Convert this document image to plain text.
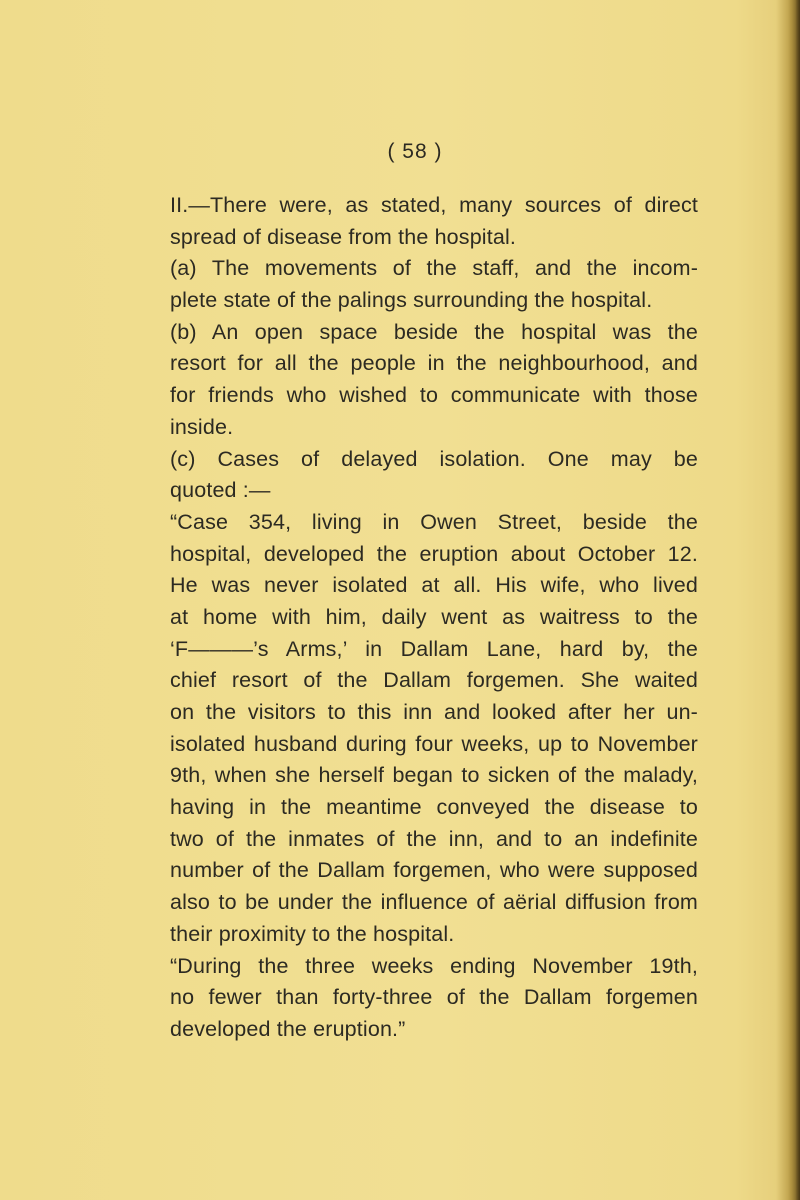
( 58 )
II.—There were, as stated, many sources of direct
spread of disease from the hospital.
(a) The movements of the staff, and the incom-
plete state of the palings surrounding the hospital.
(b) An open space beside the hospital was the
resort for all the people in the neighbourhood, and
for friends who wished to communicate with those
inside.
(c) Cases of delayed isolation. One may be
quoted :—
“Case 354, living in Owen Street, beside the
hospital, developed the eruption about October 12.
He was never isolated at all. His wife, who lived
at home with him, daily went as waitress to the
‘F———’s Arms,’ in Dallam Lane, hard by, the
chief resort of the Dallam forgemen. She waited
on the visitors to this inn and looked after her un-
isolated husband during four weeks, up to November
9th, when she herself began to sicken of the malady,
having in the meantime conveyed the disease to
two of the inmates of the inn, and to an indefinite
number of the Dallam forgemen, who were supposed
also to be under the influence of aërial diffusion from
their proximity to the hospital.
“During the three weeks ending November 19th,
no fewer than forty-three of the Dallam forgemen
developed the eruption.”
